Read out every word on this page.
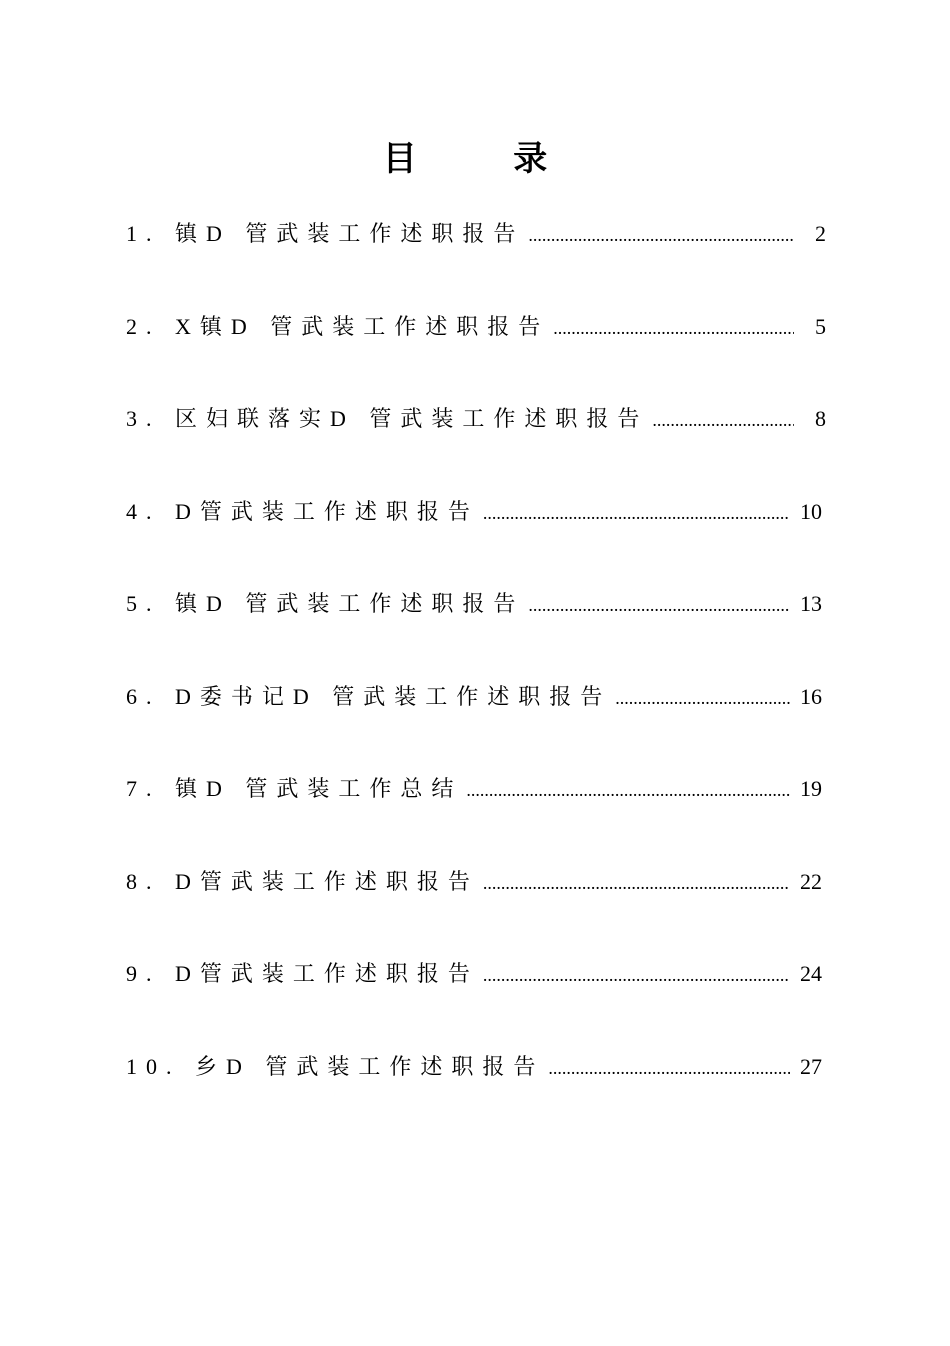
目 录
1. 镇D 管武装工作述职报告 .....	2
2. X镇D 管武装工作述职报告 .....	5
3. 区妇联落实D 管武装工作述职报告 .....	8
4. D管武装工作述职报告 .....	10
5. 镇D 管武装工作述职报告 .....	13
6. D委书记D 管武装工作述职报告 .....	16
7. 镇D 管武装工作总结 .....	19
8. D管武装工作述职报告 .....	22
9. D管武装工作述职报告 .....	24
10. 乡D 管武装工作述职报告 .....	27
